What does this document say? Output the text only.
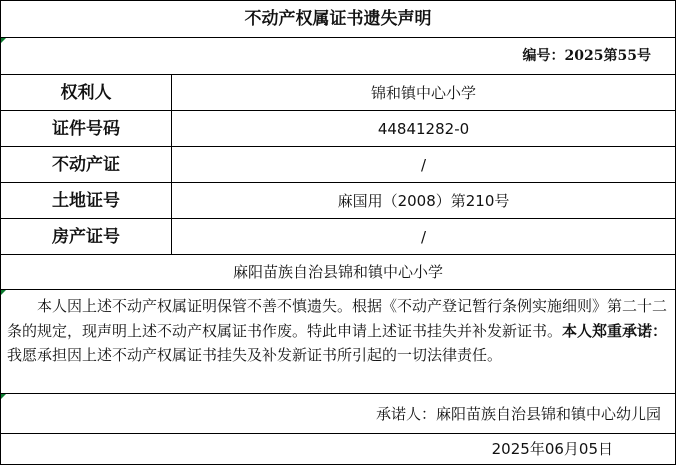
不动产权属证书遗失声明
编号：2025第55号
权利人	锦和镇中心小学
证件号码	44841282-0
不动产证	/
土地证号	麻国用（2008）第210号
房产证号	/
麻阳苗族自治县锦和镇中心小学
  本人因上述不动产权属证明保管不善不慎遗失。根据《不动产登记暂行条例实施细则》第二十二条的规定，现声明上述不动产权属证书作废。特此申请上述证书挂失并补发新证书。本人郑重承诺：我愿承担因上述不动产权属证书挂失及补发新证书所引起的一切法律责任。
承诺人：麻阳苗族自治县锦和镇中心幼儿园
2025年06月05日
